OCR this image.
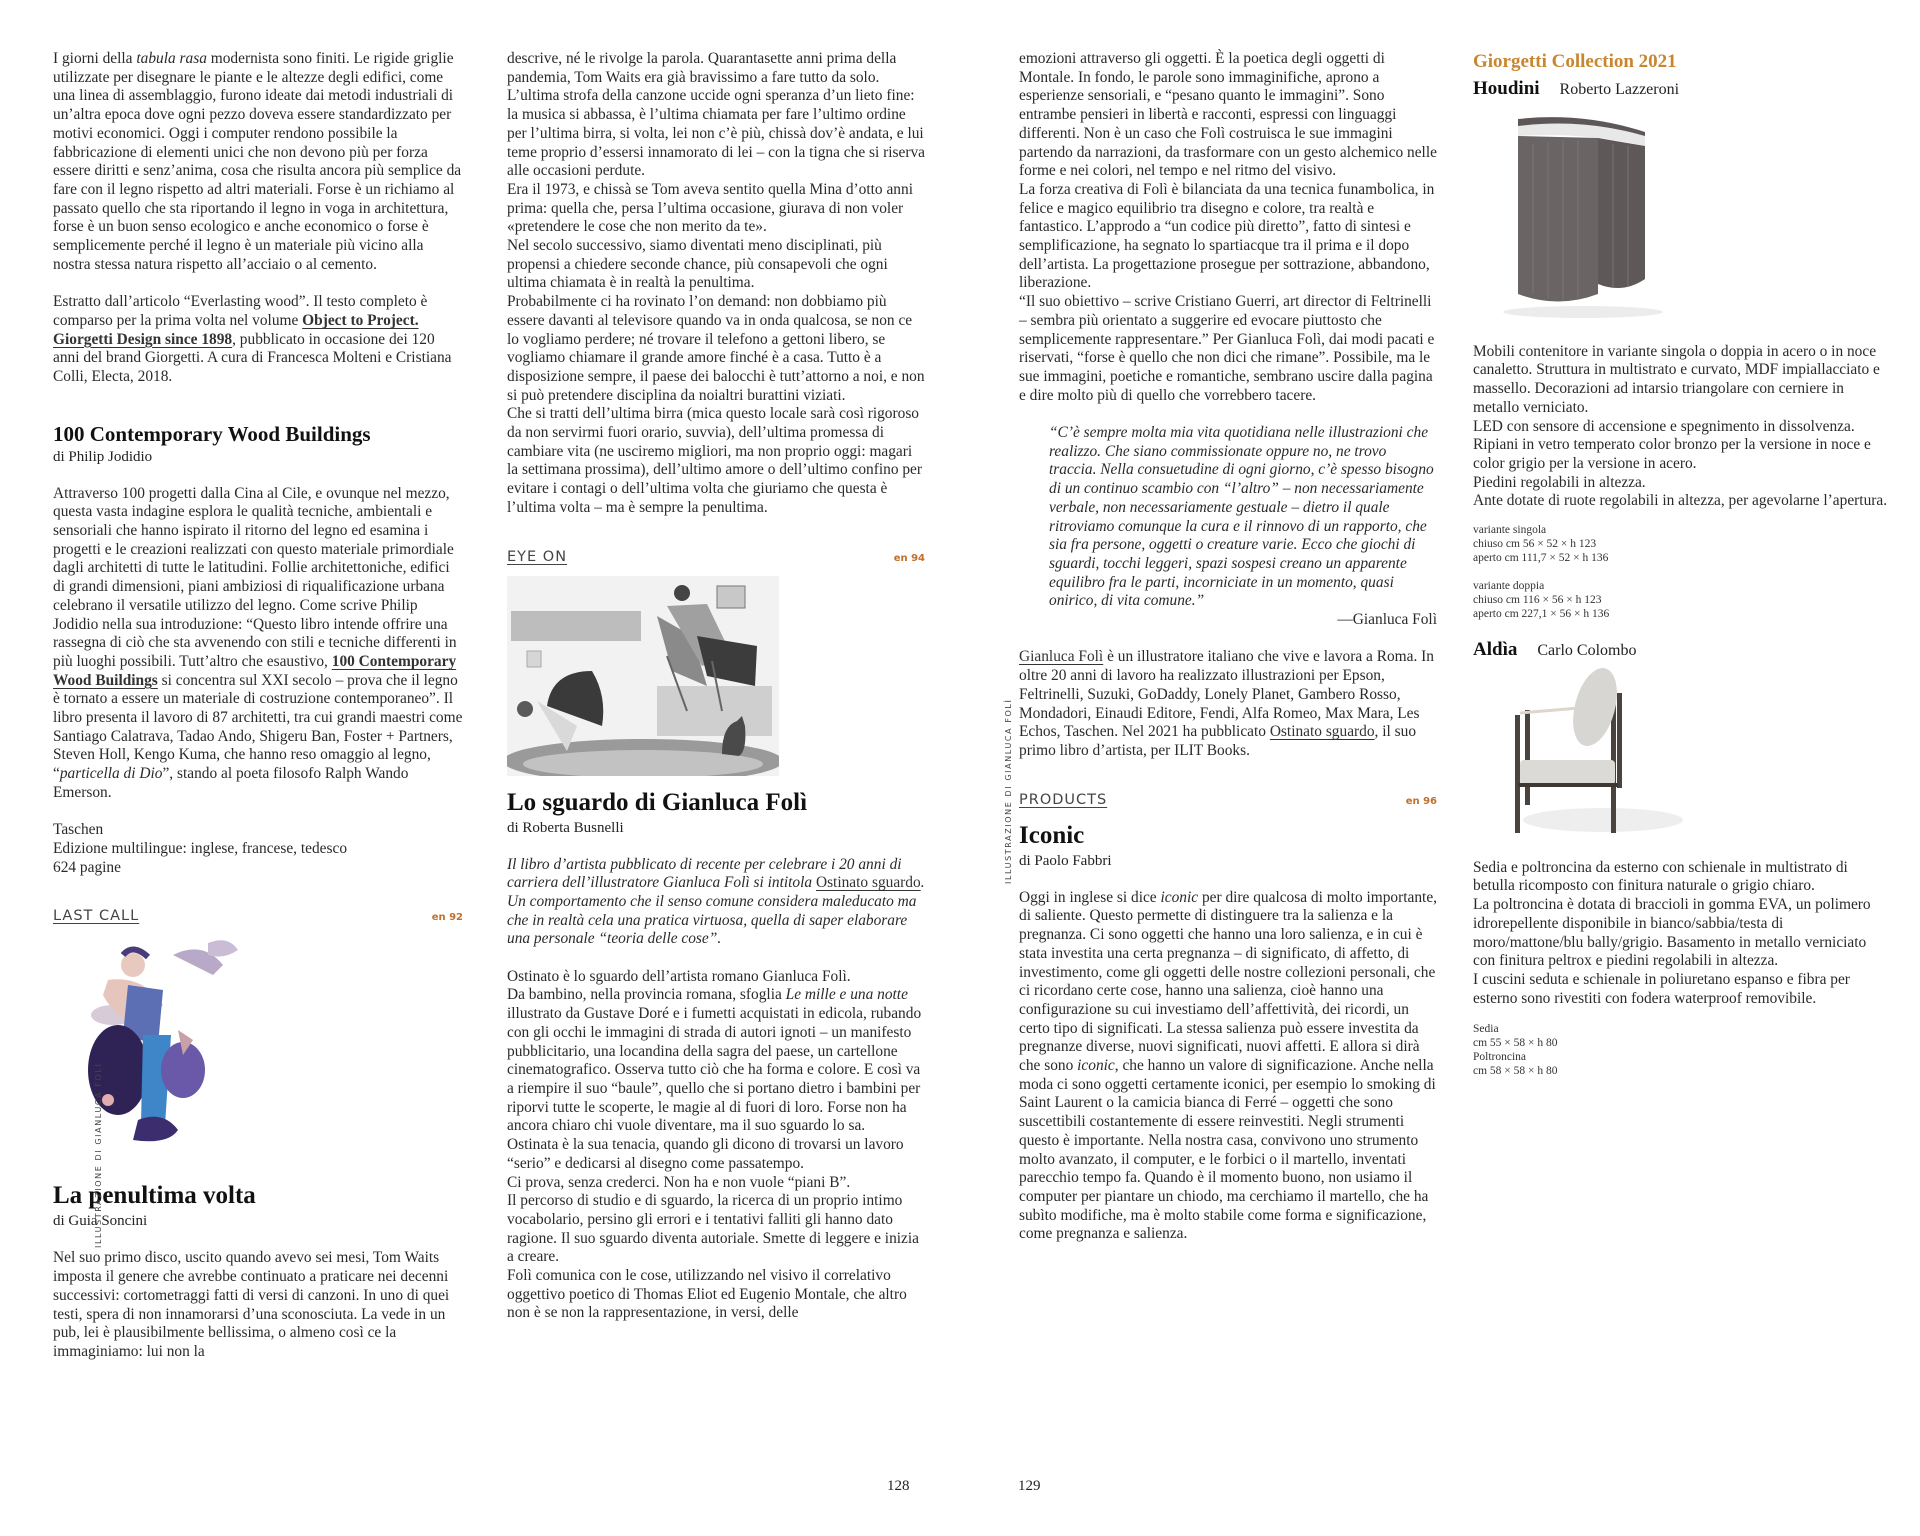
I giorni della tabula rasa modernista sono finiti. Le rigide griglie utilizzate per disegnare le piante e le altezze degli edifici, come una linea di assemblaggio, furono ideate dai metodi industriali di un’altra epoca dove ogni pezzo doveva essere standardizzato per motivi economici. Oggi i computer rendono possibile la fabbricazione di elementi unici che non devono più per forza essere diritti e senz’anima, cosa che risulta ancora più semplice da fare con il legno rispetto ad altri materiali. Forse è un richiamo al passato quello che sta riportando il legno in voga in architettura, forse è un buon senso ecologico e anche economico o forse è semplicemente perché il legno è un materiale più vicino alla nostra stessa natura rispetto all’acciaio o al cemento.

Estratto dall’articolo “Everlasting wood”. Il testo completo è comparso per la prima volta nel volume Object to Project. Giorgetti Design since 1898, pubblicato in occasione dei 120 anni del brand Giorgetti. A cura di Francesca Molteni e Cristiana Colli, Electa, 2018.

100 Contemporary Wood Buildings
di Philip Jodidio

Attraverso 100 progetti dalla Cina al Cile, e ovunque nel mezzo, questa vasta indagine esplora le qualità tecniche, ambientali e sensoriali che hanno ispirato il ritorno del legno ed esamina i progetti e le creazioni realizzati con questo materiale primordiale dagli architetti di tutte le latitudini. Follie architettoniche, edifici di grandi dimensioni, piani ambiziosi di riqualificazione urbana celebrano il versatile utilizzo del legno. Come scrive Philip Jodidio nella sua introduzione: “Questo libro intende offrire una rassegna di ciò che sta avvenendo con stili e tecniche differenti in più luoghi possibili. Tutt’altro che esaustivo, 100 Contemporary Wood Buildings si concentra sul XXI secolo – prova che il legno è tornato a essere un materiale di costruzione contemporaneo”. Il libro presenta il lavoro di 87 architetti, tra cui grandi maestri come Santiago Calatrava, Tadao Ando, Shigeru Ban, Foster + Partners, Steven Holl, Kengo Kuma, che hanno reso omaggio al legno, “particella di Dio”, stando al poeta filosofo Ralph Wando Emerson.

Taschen

Edizione multilingue: inglese, francese, tedesco

624 pagine

LAST CALL	en 92
ILLUSTRAZIONE DI GIANLUCA FOLÌ
La penultima volta
di Guia Soncini

Nel suo primo disco, uscito quando avevo sei mesi, Tom Waits imposta il genere che avrebbe continuato a praticare nei decenni successivi: cortometraggi fatti di versi di canzoni. In uno di quei testi, spera di non innamorarsi d’una sconosciuta. La vede in un pub, lei è plausibilmente bellissima, o almeno così ce la immaginiamo: lui non la

descrive, né le rivolge la parola. Quarantasette anni prima della pandemia, Tom Waits era già bravissimo a fare tutto da solo.

L’ultima strofa della canzone uccide ogni speranza d’un lieto fine: la musica si abbassa, è l’ultima chiamata per fare l’ultimo ordine per l’ultima birra, si volta, lei non c’è più, chissà dov’è andata, e lui teme proprio d’essersi innamorato di lei – con la tigna che si riserva alle occasioni perdute.

Era il 1973, e chissà se Tom aveva sentito quella Mina d’otto anni prima: quella che, persa l’ultima occasione, giurava di non voler «pretendere le cose che non merito da te».

Nel secolo successivo, siamo diventati meno disciplinati, più propensi a chiedere seconde chance, più consapevoli che ogni ultima chiamata è in realtà la penultima.

Probabilmente ci ha rovinato l’on demand: non dobbiamo più essere davanti al televisore quando va in onda qualcosa, se non ce lo vogliamo perdere; né trovare il telefono a gettoni libero, se vogliamo chiamare il grande amore finché è a casa. Tutto è a disposizione sempre, il paese dei balocchi è tutt’attorno a noi, e non si può pretendere disciplina da noialtri burattini viziati.

Che si tratti dell’ultima birra (mica questo locale sarà così rigoroso da non servirmi fuori orario, suvvia), dell’ultima promessa di cambiare vita (ne usciremo migliori, ma non proprio oggi: magari la settimana prossima), dell’ultimo amore o dell’ultimo confino per evitare i contagi o dell’ultima volta che giuriamo che questa è l’ultima volta – ma è sempre la penultima.

EYE ON	en 94
ILLUSTRAZIONE DI GIANLUCA FOLÌ
Lo sguardo di Gianluca Folì
di Roberta Busnelli

Il libro d’artista pubblicato di recente per celebrare i 20 anni di carriera dell’illustratore Gianluca Folì si intitola Ostinato sguardo. Un comportamento che il senso comune considera maleducato ma che in realtà cela una pratica virtuosa, quella di saper elaborare una personale “teoria delle cose”.

Ostinato è lo sguardo dell’artista romano Gianluca Folì.

Da bambino, nella provincia romana, sfoglia Le mille e una notte illustrato da Gustave Doré e i fumetti acquistati in edicola, rubando con gli occhi le immagini di strada di autori ignoti – un manifesto pubblicitario, una locandina della sagra del paese, un cartellone cinematografico. Osserva tutto ciò che ha forma e colore. E così va a riempire il suo “baule”, quello che si portano dietro i bambini per riporvi tutte le scoperte, le magie al di fuori di loro. Forse non ha ancora chiaro chi vuole diventare, ma il suo sguardo lo sa.

Ostinata è la sua tenacia, quando gli dicono di trovarsi un lavoro “serio” e dedicarsi al disegno come passatempo.

Ci prova, senza crederci. Non ha e non vuole “piani B”.

Il percorso di studio e di sguardo, la ricerca di un proprio intimo vocabolario, persino gli errori e i tentativi falliti gli hanno dato ragione. Il suo sguardo diventa autoriale. Smette di leggere e inizia a creare.

Folì comunica con le cose, utilizzando nel visivo il correlativo oggettivo poetico di Thomas Eliot ed Eugenio Montale, che altro non è se non la rappresentazione, in versi, delle

emozioni attraverso gli oggetti. È la poetica degli oggetti di Montale. In fondo, le parole sono immaginifiche, aprono a esperienze sensoriali, e “pesano quanto le immagini”. Sono entrambe pensieri in libertà e racconti, espressi con linguaggi differenti. Non è un caso che Folì costruisca le sue immagini partendo da narrazioni, da trasformare con un gesto alchemico nelle forme e nei colori, nel tempo e nel ritmo del visivo.

La forza creativa di Folì è bilanciata da una tecnica funambolica, in felice e magico equilibrio tra disegno e colore, tra realtà e fantastico. L’approdo a “un codice più diretto”, fatto di sintesi e semplificazione, ha segnato lo spartiacque tra il prima e il dopo dell’artista. La progettazione prosegue per sottrazione, abbandono, liberazione.

“Il suo obiettivo – scrive Cristiano Guerri, art director di Feltrinelli – sembra più orientato a suggerire ed evocare piuttosto che semplicemente rappresentare.” Per Gianluca Folì, dai modi pacati e riservati, “forse è quello che non dici che rimane”. Possibile, ma le sue immagini, poetiche e romantiche, sembrano uscire dalla pagina e dire molto più di quello che vorrebbero tacere.

“C’è sempre molta mia vita quotidiana nelle illustrazioni che realizzo. Che siano commissionate oppure no, ne trovo traccia. Nella consuetudine di ogni giorno, c’è spesso bisogno di un continuo scambio con “l’altro” – non necessariamente verbale, non necessariamente gestuale – dietro il quale ritroviamo comunque la cura e il rinnovo di un rapporto, che sia fra persone, oggetti o creature varie. Ecco che giochi di sguardi, tocchi leggeri, spazi sospesi creano un apparente equilibro fra le parti, incorniciate in un momento, quasi onirico, di vita comune.”

—Gianluca Folì

Gianluca Folì è un illustratore italiano che vive e lavora a Roma. In oltre 20 anni di lavoro ha realizzato illustrazioni per Epson, Feltrinelli, Suzuki, GoDaddy, Lonely Planet, Gambero Rosso, Mondadori, Einaudi Editore, Fendi, Alfa Romeo, Max Mara, Les Echos, Taschen. Nel 2021 ha pubblicato Ostinato sguardo, il suo primo libro d’artista, per ILIT Books.

PRODUCTS	en 96
Iconic
di Paolo Fabbri

Oggi in inglese si dice iconic per dire qualcosa di molto importante, di saliente. Questo permette di distinguere tra la salienza e la pregnanza. Ci sono oggetti che hanno una loro salienza, e in cui è stata investita una certa pregnanza – di significato, di affetto, di investimento, come gli oggetti delle nostre collezioni personali, che ci ricordano certe cose, hanno una salienza, cioè hanno una configurazione su cui investiamo dell’affettività, dei ricordi, un certo tipo di significati. La stessa salienza può essere investita da pregnanze diverse, nuovi significati, nuovi affetti. E allora si dirà che sono iconic, che hanno un valore di significazione. Anche nella moda ci sono oggetti certamente iconici, per esempio lo smoking di Saint Laurent o la camicia bianca di Ferré – oggetti che sono suscettibili costantemente di essere reinvestiti. Negli strumenti questo è importante. Nella nostra casa, convivono uno strumento molto avanzato, il computer, e le forbici o il martello, inventati parecchio tempo fa. Quando è il momento buono, non usiamo il computer per piantare un chiodo, ma cerchiamo il martello, che ha subìto modifiche, ma è molto stabile come forma e significazione, come pregnanza e salienza.

Giorgetti Collection 2021
Houdini Roberto Lazzeroni

Mobili contenitore in variante singola o doppia in acero o in noce canaletto. Struttura in multistrato e curvato, MDF impiallacciato e massello. Decorazioni ad intarsio triangolare con cerniere in metallo verniciato.

LED con sensore di accensione e spegnimento in dissolvenza.

Ripiani in vetro temperato color bronzo per la versione in noce e color grigio per la versione in acero.

Piedini regolabili in altezza.

Ante dotate di ruote regolabili in altezza, per agevolarne l’apertura.

variante singola
chiuso cm 56 × 52 × h 123
aperto cm 111,7 × 52 × h 136
variante doppia
chiuso cm 116 × 56 × h 123
aperto cm 227,1 × 56 × h 136
Aldìa Carlo Colombo

Sedia e poltroncina da esterno con schienale in multistrato di betulla ricomposto con finitura naturale o grigio chiaro.

La poltroncina è dotata di braccioli in gomma EVA, un polimero idrorepellente disponibile in bianco/sabbia/testa di moro/mattone/blu bally/grigio. Basamento in metallo verniciato con finitura peltrox e piedini regolabili in altezza.

I cuscini seduta e schienale in poliuretano espanso e fibra per esterno sono rivestiti con fodera waterproof removibile.

Sedia
cm 55 × 58 × h 80
Poltroncina
cm 58 × 58 × h 80
128	129
